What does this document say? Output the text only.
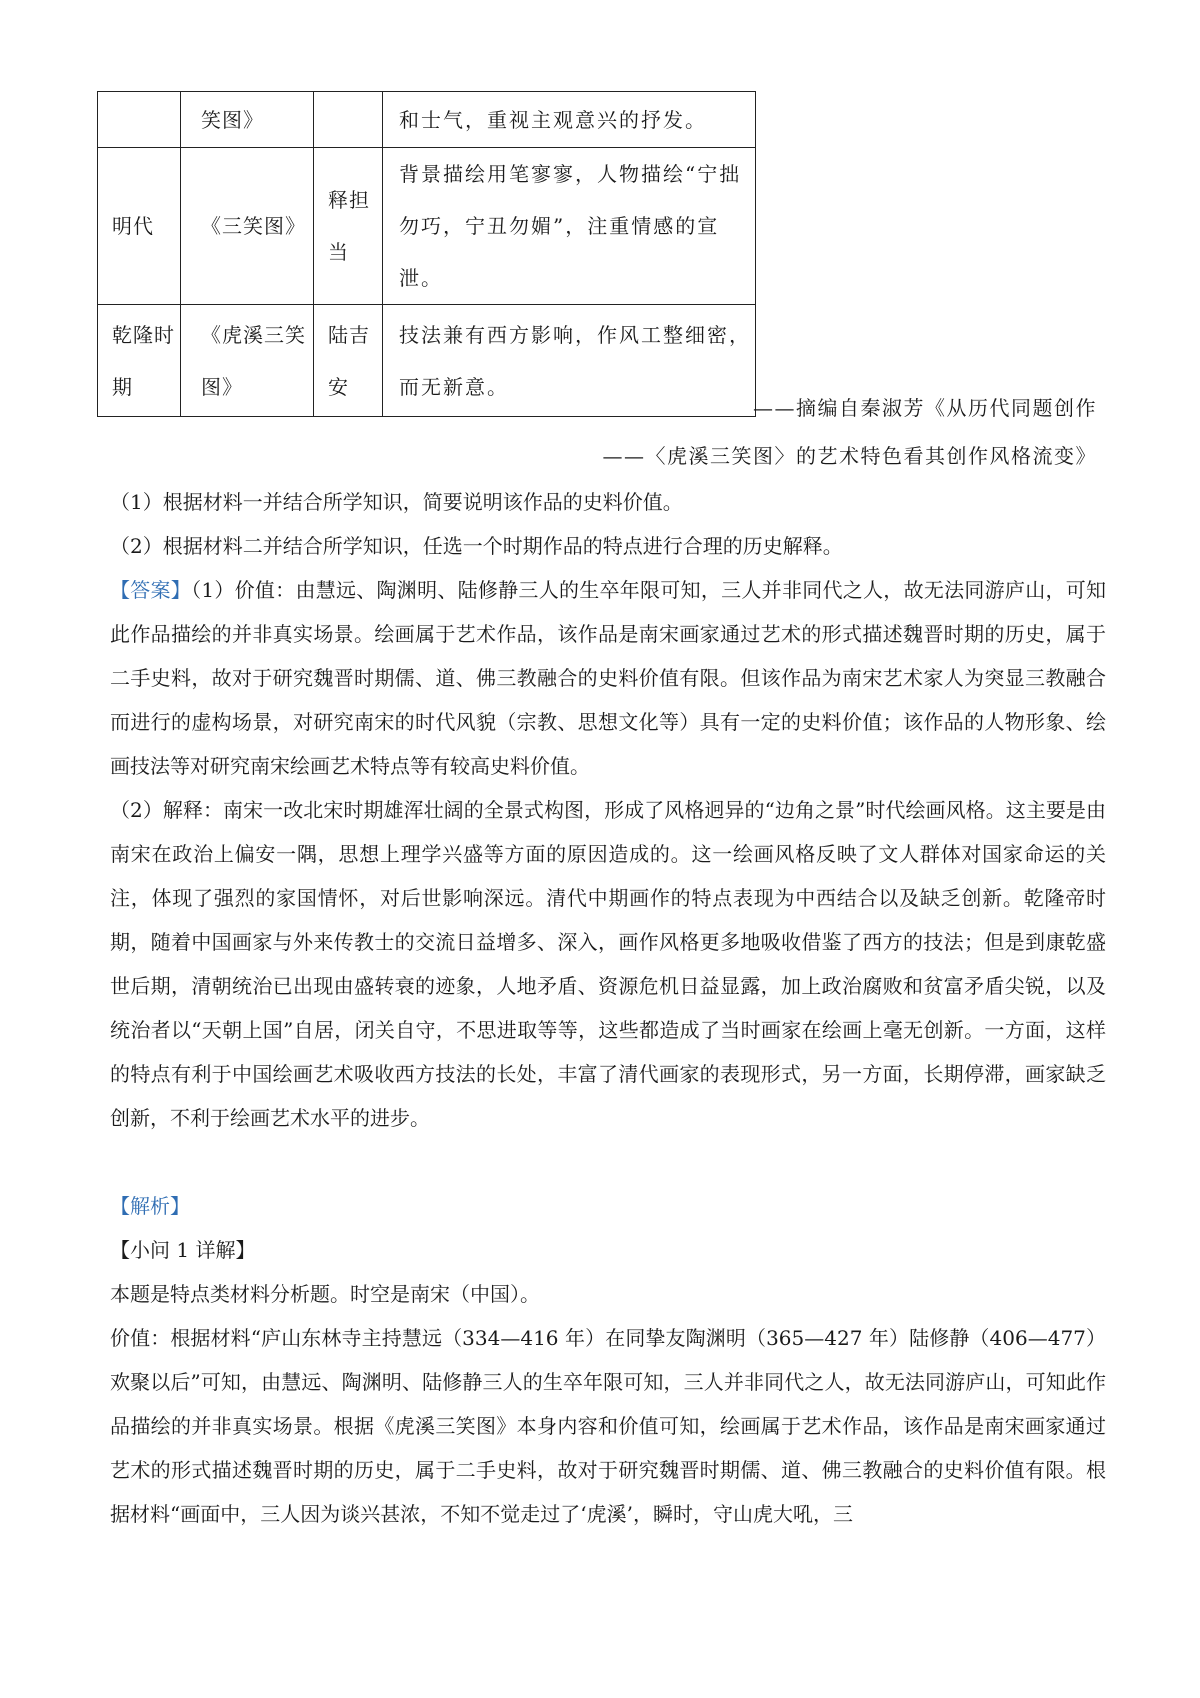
	笑图》		和士气，重视主观意兴的抒发。
明代	《三笑图》	释担当	背景描绘用笔寥寥，人物描绘“宁拙勿巧，宁丑勿媚”，注重情感的宣泄。
乾隆时期	《虎溪三笑图》	陆吉安	技法兼有西方影响，作风工整细密，而无新意。
——摘编自秦淑芳《从历代同题创作
——〈虎溪三笑图〉的艺术特色看其创作风格流变》
（1）根据材料一并结合所学知识，简要说明该作品的史料价值。
（2）根据材料二并结合所学知识，任选一个时期作品的特点进行合理的历史解释。

【答案】（1）价值：由慧远、陶渊明、陆修静三人的生卒年限可知，三人并非同代之人，故无法同游庐山，可知此作品描绘的并非真实场景。绘画属于艺术作品，该作品是南宋画家通过艺术的形式描述魏晋时期的历史，属于二手史料，故对于研究魏晋时期儒、道、佛三教融合的史料价值有限。但该作品为南宋艺术家人为突显三教融合而进行的虚构场景，对研究南宋的时代风貌（宗教、思想文化等）具有一定的史料价值；该作品的人物形象、绘画技法等对研究南宋绘画艺术特点等有较高史料价值。

（2）解释：南宋一改北宋时期雄浑壮阔的全景式构图，形成了风格迥异的“边角之景”时代绘画风格。这主要是由南宋在政治上偏安一隅，思想上理学兴盛等方面的原因造成的。这一绘画风格反映了文人群体对国家命运的关注，体现了强烈的家国情怀，对后世影响深远。清代中期画作的特点表现为中西结合以及缺乏创新。乾隆帝时期，随着中国画家与外来传教士的交流日益增多、深入，画作风格更多地吸收借鉴了西方的技法；但是到康乾盛世后期，清朝统治已出现由盛转衰的迹象，人地矛盾、资源危机日益显露，加上政治腐败和贫富矛盾尖锐，以及统治者以“天朝上国”自居，闭关自守，不思进取等等，这些都造成了当时画家在绘画上毫无创新。一方面，这样的特点有利于中国绘画艺术吸收西方技法的长处，丰富了清代画家的表现形式，另一方面，长期停滞，画家缺乏创新，不利于绘画艺术水平的进步。

【解析】
【小问 1 详解】
本题是特点类材料分析题。时空是南宋（中国）。

价值：根据材料“庐山东林寺主持慧远（334—416 年）在同挚友陶渊明（365—427 年）陆修静（406—477）欢聚以后”可知，由慧远、陶渊明、陆修静三人的生卒年限可知，三人并非同代之人，故无法同游庐山，可知此作品描绘的并非真实场景。根据《虎溪三笑图》本身内容和价值可知，绘画属于艺术作品，该作品是南宋画家通过艺术的形式描述魏晋时期的历史，属于二手史料，故对于研究魏晋时期儒、道、佛三教融合的史料价值有限。根据材料“画面中，三人因为谈兴甚浓，不知不觉走过了‘虎溪’，瞬时，守山虎大吼，三
